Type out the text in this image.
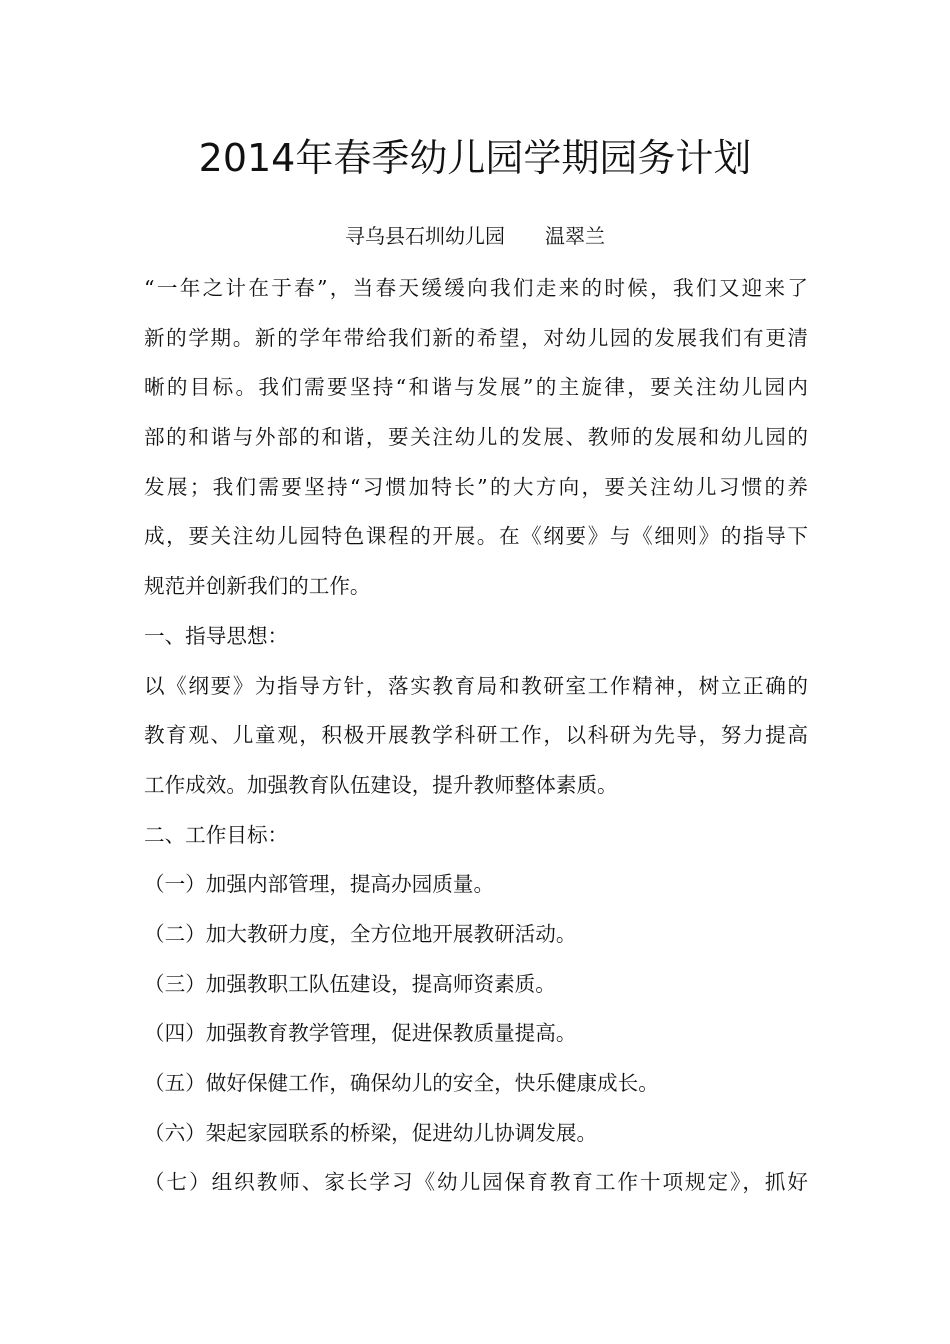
2014年春季幼儿园学期园务计划
寻乌县石圳幼儿园　　温翠兰
“一年之计在于春”，当春天缓缓向我们走来的时候，我们又迎来了
新的学期。新的学年带给我们新的希望，对幼儿园的发展我们有更清
晰的目标。我们需要坚持“和谐与发展”的主旋律，要关注幼儿园内
部的和谐与外部的和谐，要关注幼儿的发展、教师的发展和幼儿园的
发展；我们需要坚持“习惯加特长”的大方向，要关注幼儿习惯的养
成，要关注幼儿园特色课程的开展。在《纲要》与《细则》的指导下
规范并创新我们的工作。
一、指导思想：
以《纲要》为指导方针，落实教育局和教研室工作精神，树立正确的
教育观、儿童观，积极开展教学科研工作，以科研为先导，努力提高
工作成效。加强教育队伍建设，提升教师整体素质。
二、工作目标：
（一）加强内部管理，提高办园质量。
（二）加大教研力度，全方位地开展教研活动。
（三）加强教职工队伍建设，提高师资素质。
（四）加强教育教学管理，促进保教质量提高。
（五）做好保健工作，确保幼儿的安全，快乐健康成长。
（六）架起家园联系的桥梁，促进幼儿协调发展。
（七）组织教师、家长学习《幼儿园保育教育工作十项规定》，抓好
